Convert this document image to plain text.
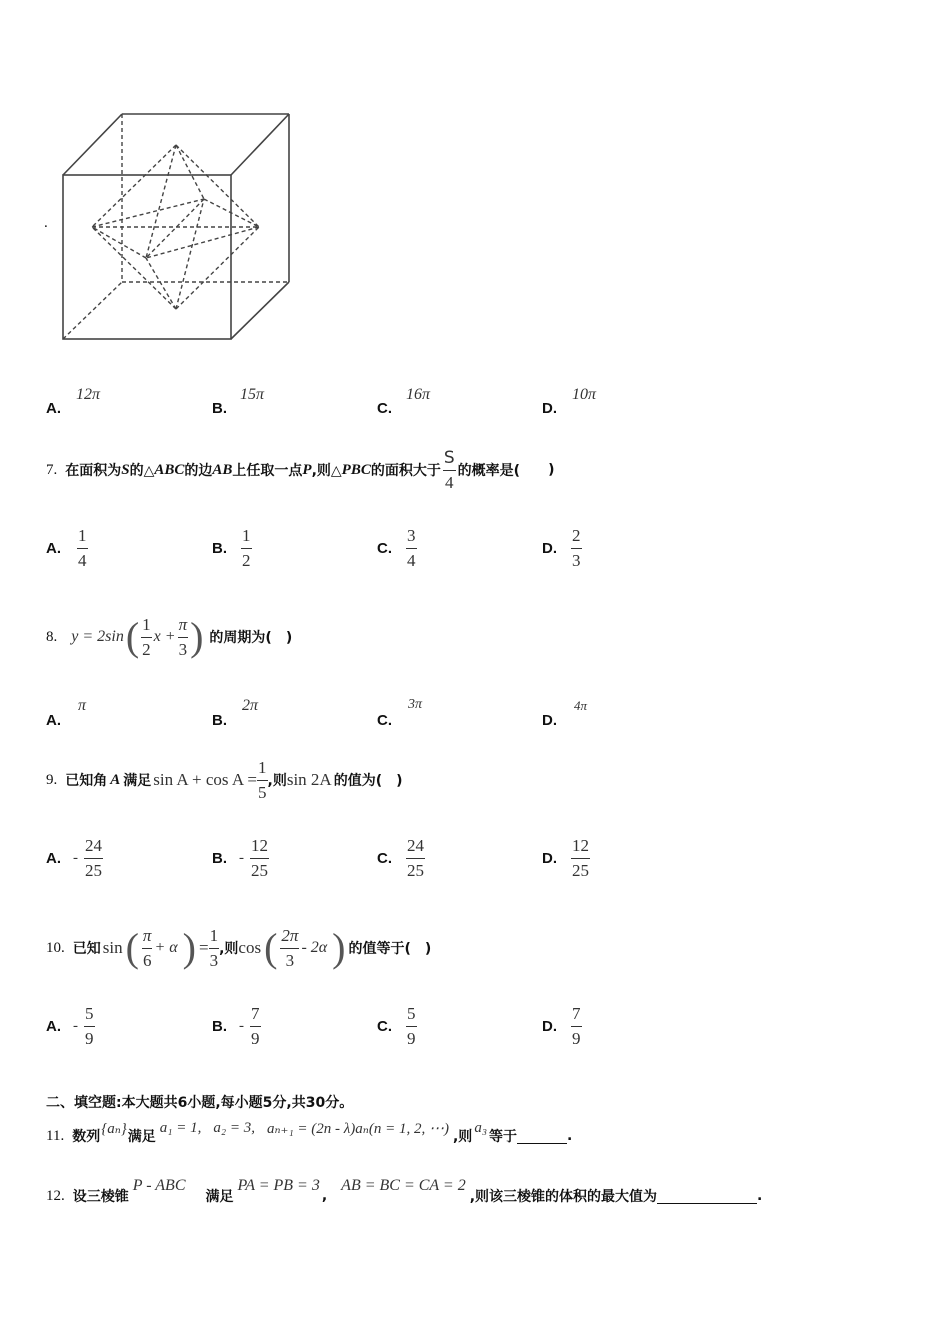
.
A.
12π
B.
15π
C.
16π
D.
10π
7. 在面积为 S 的△ ABC 的边 AB 上任取一点 P ,则△ PBC 的面积大于 $\frac{S}{4}$ 的概率是( )
A. $\frac{1}{4}$	B. $\frac{1}{2}$	C. $\frac{3}{4}$	D. $\frac{2}{3}$
8. y = 2sin ( $\frac{1}{2}$ $x + \frac{\pi}{3}$ ) 的周期为(　)
A.
π
B.
2π
C.
3π
D.
4π
9. 已知角 A 满足 $\sin A + \cos A = \frac{1}{5}$ ,则 sin 2A 的值为(　)
A. - $\frac{24}{25}$	B. - $\frac{12}{25}$	C. $\frac{24}{25}$	D. $\frac{12}{25}$
10. 已知 sin ( $\frac{\pi}{6} + \alpha$ ) = $\frac{1}{3}$ ,则 cos ( $\frac{2\pi}{3} - 2\alpha$ ) 的值等于(　)
A. - $\frac{5}{9}$	B. - $\frac{7}{9}$	C. $\frac{5}{9}$	D. $\frac{7}{9}$
二、填空题:本大题共6小题,每小题5分,共30分。
11. 数列
{aₙ}
满足
a₁ = 1, a₂ = 3, aₙ₊₁ = (2n - λ)aₙ(n = 1, 2, ⋯)
,则
a₃
等于	.
12. 设三棱锥
P - ABC
满足
PA = PB = 3
,
AB = BC = CA = 2
,则该三棱锥的体积的最大值为	.
